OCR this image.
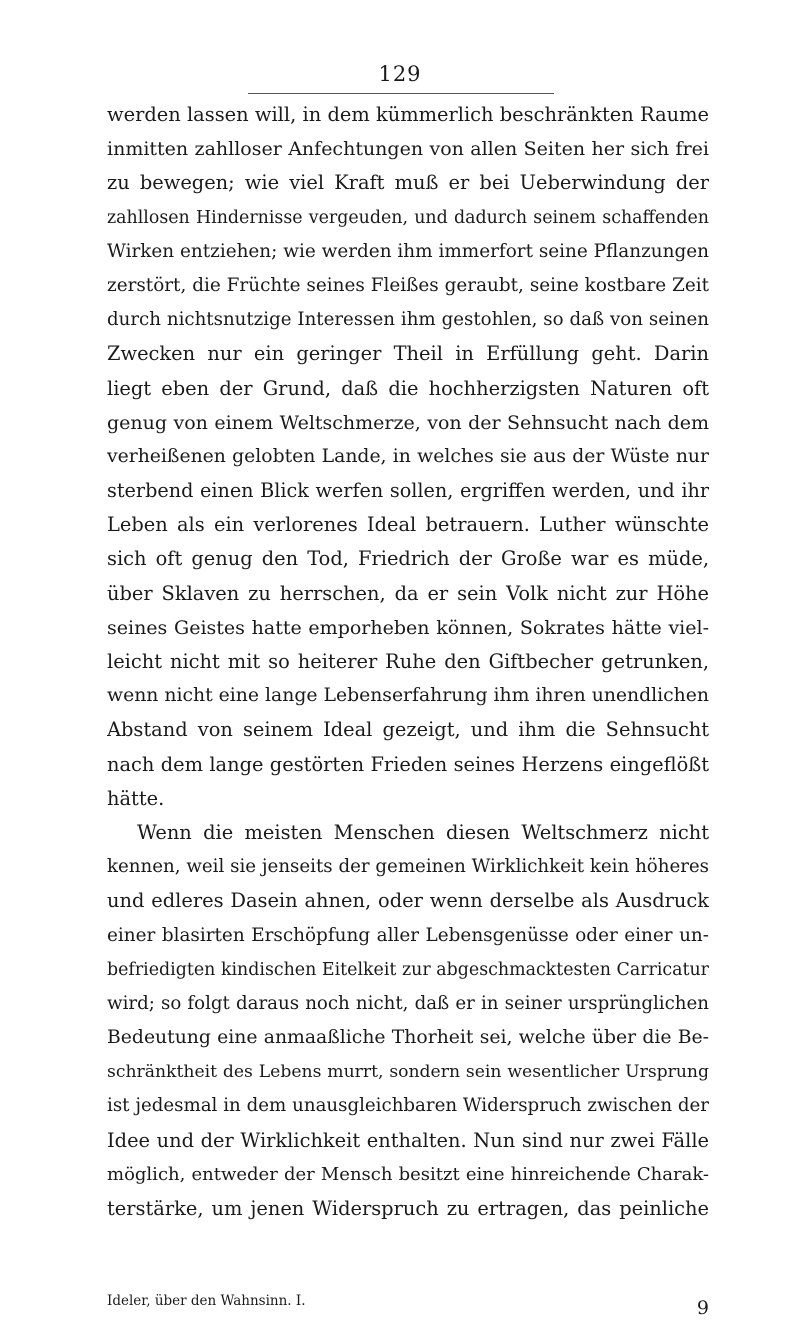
129
werden lassen will, in dem kümmerlich beschränkten Raume
inmitten zahlloser Anfechtungen von allen Seiten her sich frei
zu bewegen; wie viel Kraft muß er bei Ueberwindung der
zahllosen Hindernisse vergeuden, und dadurch seinem schaffenden
Wirken entziehen; wie werden ihm immerfort seine Pflanzungen
zerstört, die Früchte seines Fleißes geraubt, seine kostbare Zeit
durch nichtsnutzige Interessen ihm gestohlen, so daß von seinen
Zwecken nur ein geringer Theil in Erfüllung geht. Darin
liegt eben der Grund, daß die hochherzigsten Naturen oft
genug von einem Weltschmerze, von der Sehnsucht nach dem
verheißenen gelobten Lande, in welches sie aus der Wüste nur
sterbend einen Blick werfen sollen, ergriffen werden, und ihr
Leben als ein verlorenes Ideal betrauern. Luther wünschte
sich oft genug den Tod, Friedrich der Große war es müde,
über Sklaven zu herrschen, da er sein Volk nicht zur Höhe
seines Geistes hatte emporheben können, Sokrates hätte viel-
leicht nicht mit so heiterer Ruhe den Giftbecher getrunken,
wenn nicht eine lange Lebenserfahrung ihm ihren unendlichen
Abstand von seinem Ideal gezeigt, und ihm die Sehnsucht
nach dem lange gestörten Frieden seines Herzens eingeflößt
hätte.
Wenn die meisten Menschen diesen Weltschmerz nicht
kennen, weil sie jenseits der gemeinen Wirklichkeit kein höheres
und edleres Dasein ahnen, oder wenn derselbe als Ausdruck
einer blasirten Erschöpfung aller Lebensgenüsse oder einer un-
befriedigten kindischen Eitelkeit zur abgeschmacktesten Carricatur
wird; so folgt daraus noch nicht, daß er in seiner ursprünglichen
Bedeutung eine anmaaßliche Thorheit sei, welche über die Be-
schränktheit des Lebens murrt, sondern sein wesentlicher Ursprung
ist jedesmal in dem unausgleichbaren Widerspruch zwischen der
Idee und der Wirklichkeit enthalten. Nun sind nur zwei Fälle
möglich, entweder der Mensch besitzt eine hinreichende Charak-
terstärke, um jenen Widerspruch zu ertragen, das peinliche
Ideler, über den Wahnsinn. I.	9
